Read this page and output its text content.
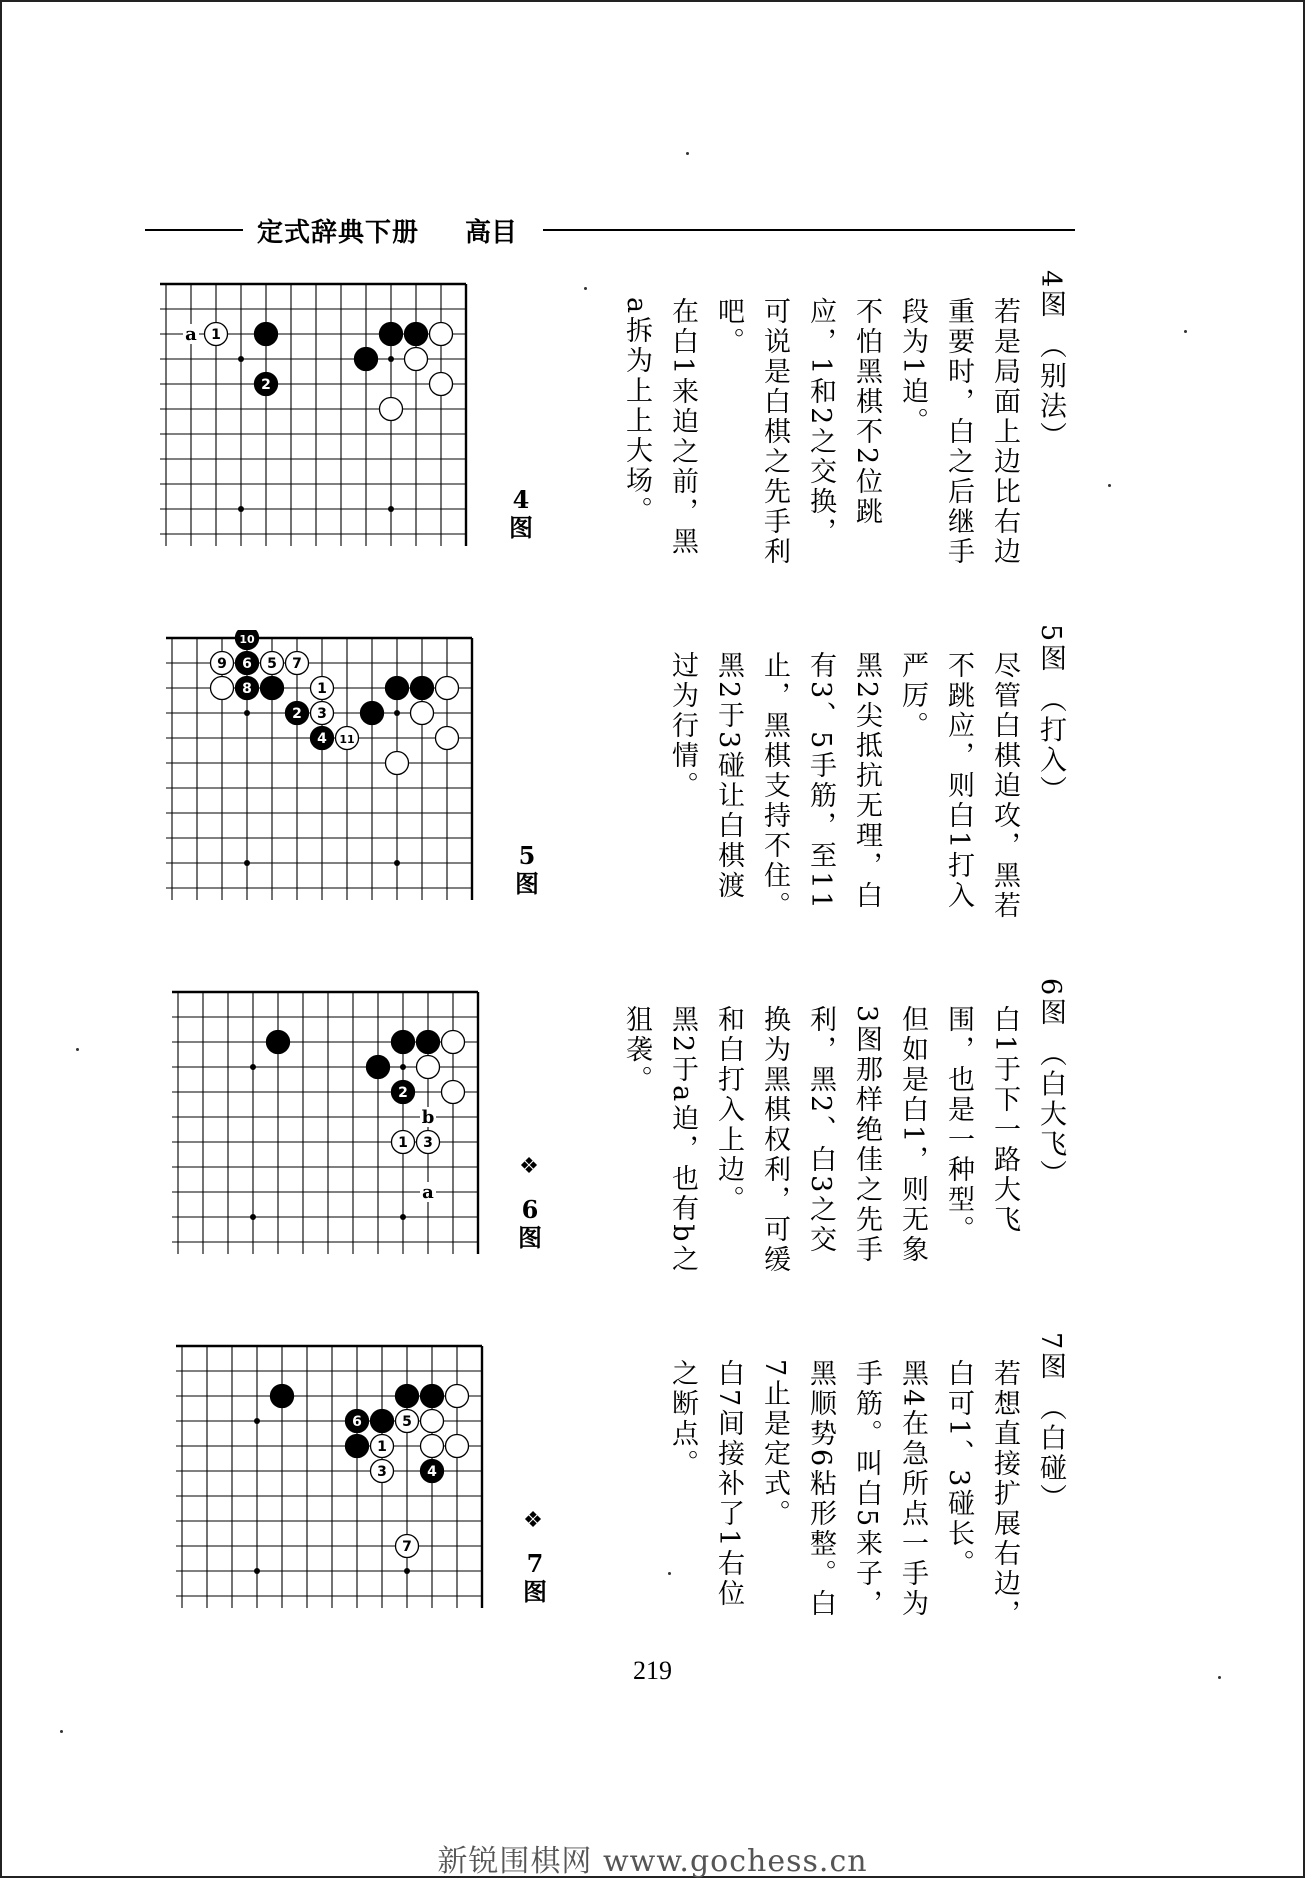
定式辞典下册 高目
a 1
2
10
9 6 5 7
8	1
2 3
4 11
b
a
2
1 3
6	5
1
3	4
7
4图
5图
❖
6图
❖
7图

4图 （别法）

若是局面上边比右边重要时，白之后继手段为1迫。

不怕黑棋不2位跳应，1和2之交换，可说是白棋之先手利吧。

在白1来迫之前，黑a拆为上上大场。

5图 （打入）

尽管白棋迫攻，黑若不跳应，则白1打入严厉。

黑2尖抵抗无理，白有3、5手筋，至11止，黑棋支持不住。黑2于3碰让白棋渡过为行情。

6图 （白大飞）

白1于下一路大飞围，也是一种型。

但如是白1，则无象3图那样绝佳之先手利，黑2、白3之交换为黑棋权利，可缓和白打入上边。

黑2于a迫，也有b之狙袭。

7图 （白碰）

若想直接扩展右边，白可1、3碰长。

黑4在急所点一手为手筋。叫白5来子，黑顺势6粘形整。白7止是定式。

白7间接补了1右位之断点。

219
新锐围棋网 www.gochess.cn
